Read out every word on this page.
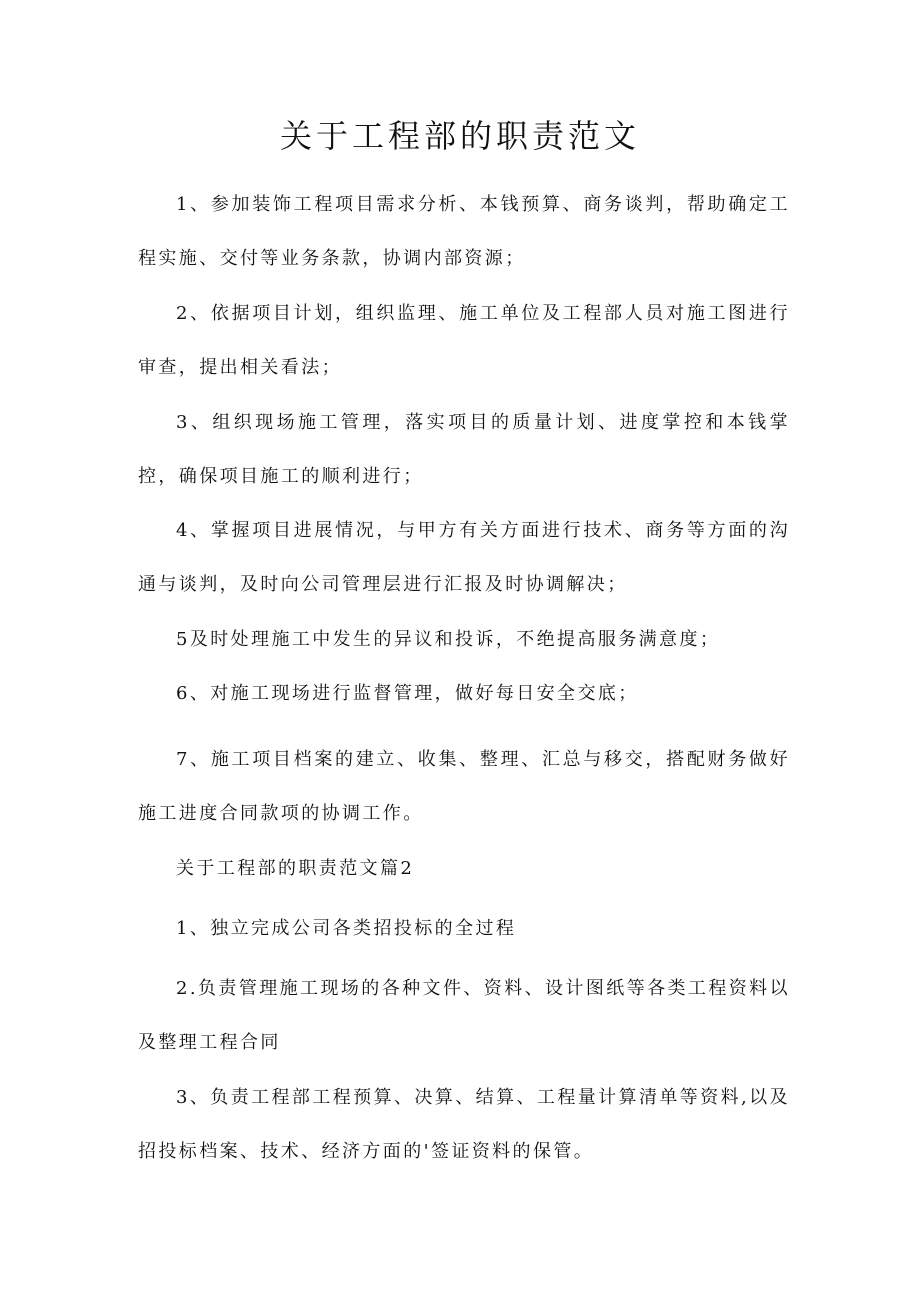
关于工程部的职责范文

1、参加装饰工程项目需求分析、本钱预算、商务谈判，帮助确定工程实施、交付等业务条款，协调内部资源；

2、依据项目计划，组织监理、施工单位及工程部人员对施工图进行审查，提出相关看法；

3、组织现场施工管理，落实项目的质量计划、进度掌控和本钱掌控，确保项目施工的顺利进行；

4、掌握项目进展情况，与甲方有关方面进行技术、商务等方面的沟通与谈判，及时向公司管理层进行汇报及时协调解决；

5及时处理施工中发生的异议和投诉，不绝提高服务满意度；

6、对施工现场进行监督管理，做好每日安全交底；

7、施工项目档案的建立、收集、整理、汇总与移交，搭配财务做好施工进度合同款项的协调工作。

关于工程部的职责范文篇2

1、独立完成公司各类招投标的全过程

2.负责管理施工现场的各种文件、资料、设计图纸等各类工程资料以及整理工程合同

3、负责工程部工程预算、决算、结算、工程量计算清单等资料,以及招投标档案、技术、经济方面的'签证资料的保管。
